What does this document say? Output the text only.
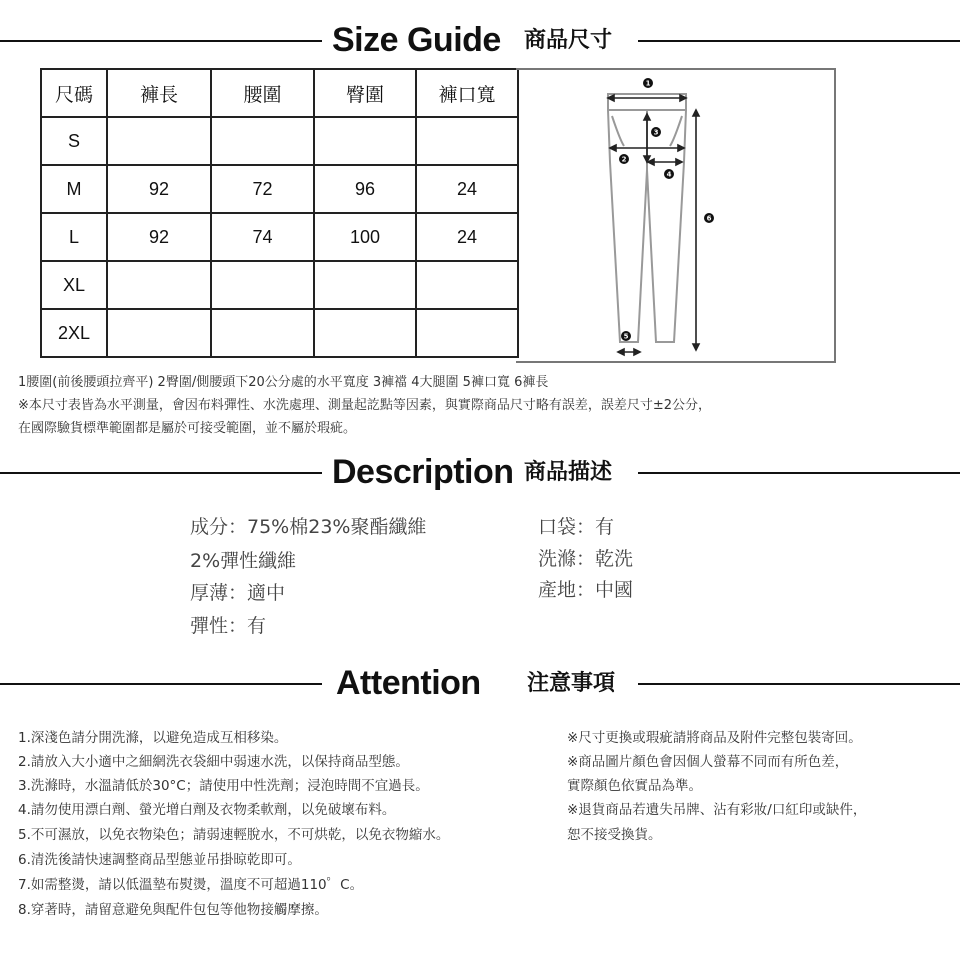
Size Guide 商品尺寸
尺碼	褲長	腰圍	臀圍	褲口寬
S				
M	92	72	96	24
L	92	74	100	24
XL				
2XL				
1
2
3
4
5
6
1腰圍(前後腰頭拉齊平) 2臀圍/側腰頭下20公分處的水平寬度 3褲襠 4大腿圍 5褲口寬 6褲長
※本尺寸表皆為水平測量，會因布料彈性、水洗處理、測量起訖點等因素，與實際商品尺寸略有誤差，誤差尺寸±2公分，
在國際驗貨標準範圍都是屬於可接受範圍，並不屬於瑕疵。
Description 商品描述
成分：75%棉23%聚酯纖維
2%彈性纖維
厚薄：適中
彈性：有
口袋：有
洗滌：乾洗
產地：中國
Attention 注意事項
1.深淺色請分開洗滌，以避免造成互相移染。
2.請放入大小適中之細網洗衣袋細中弱速水洗，以保持商品型態。
3.洗滌時，水溫請低於30°C；請使用中性洗劑；浸泡時間不宜過長。
4.請勿使用漂白劑、螢光增白劑及衣物柔軟劑，以免破壞布料。
5.不可濕放，以免衣物染色；請弱速輕脫水，不可烘乾，以免衣物縮水。
6.清洗後請快速調整商品型態並吊掛晾乾即可。
7.如需整燙，請以低溫墊布熨燙，溫度不可超過110゜C。
8.穿著時，請留意避免與配件包包等他物接觸摩擦。
※尺寸更換或瑕疵請將商品及附件完整包裝寄回。
※商品圖片顏色會因個人螢幕不同而有所色差，
實際顏色依實品為準。
※退貨商品若遺失吊牌、沾有彩妝/口紅印或缺件，
恕不接受換貨。
